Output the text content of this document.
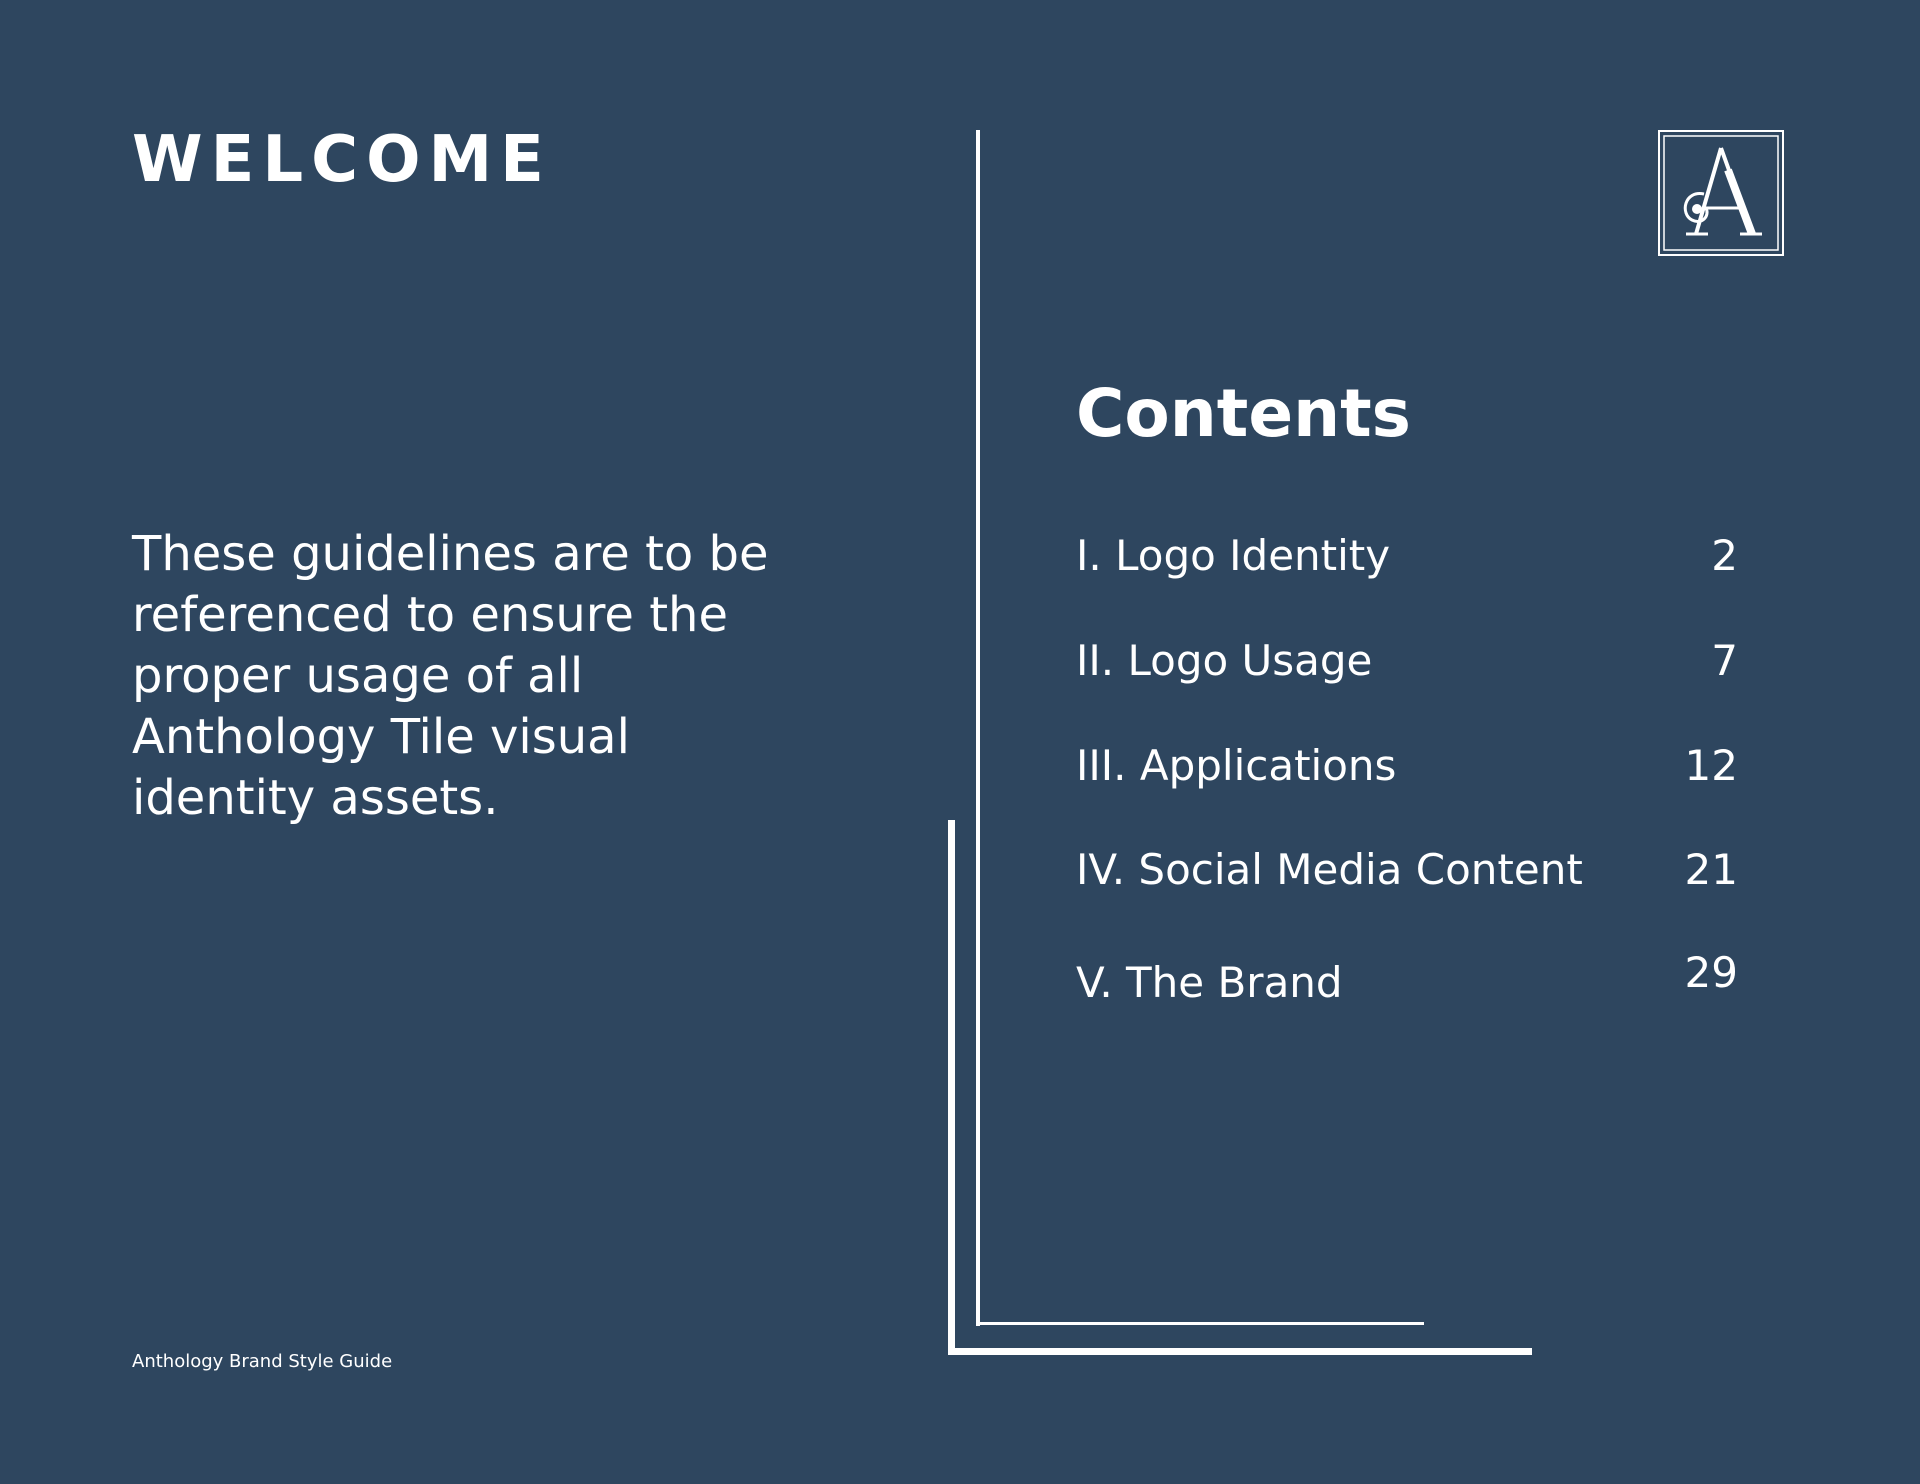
WELCOME

These guidelines are to be referenced to ensure the proper usage of all Anthology Tile visual identity assets.

Anthology Brand Style Guide
Contents
I. Logo Identity	2
II. Logo Usage	7
III. Applications	12
IV. Social Media Content 21
V. The Brand	29
